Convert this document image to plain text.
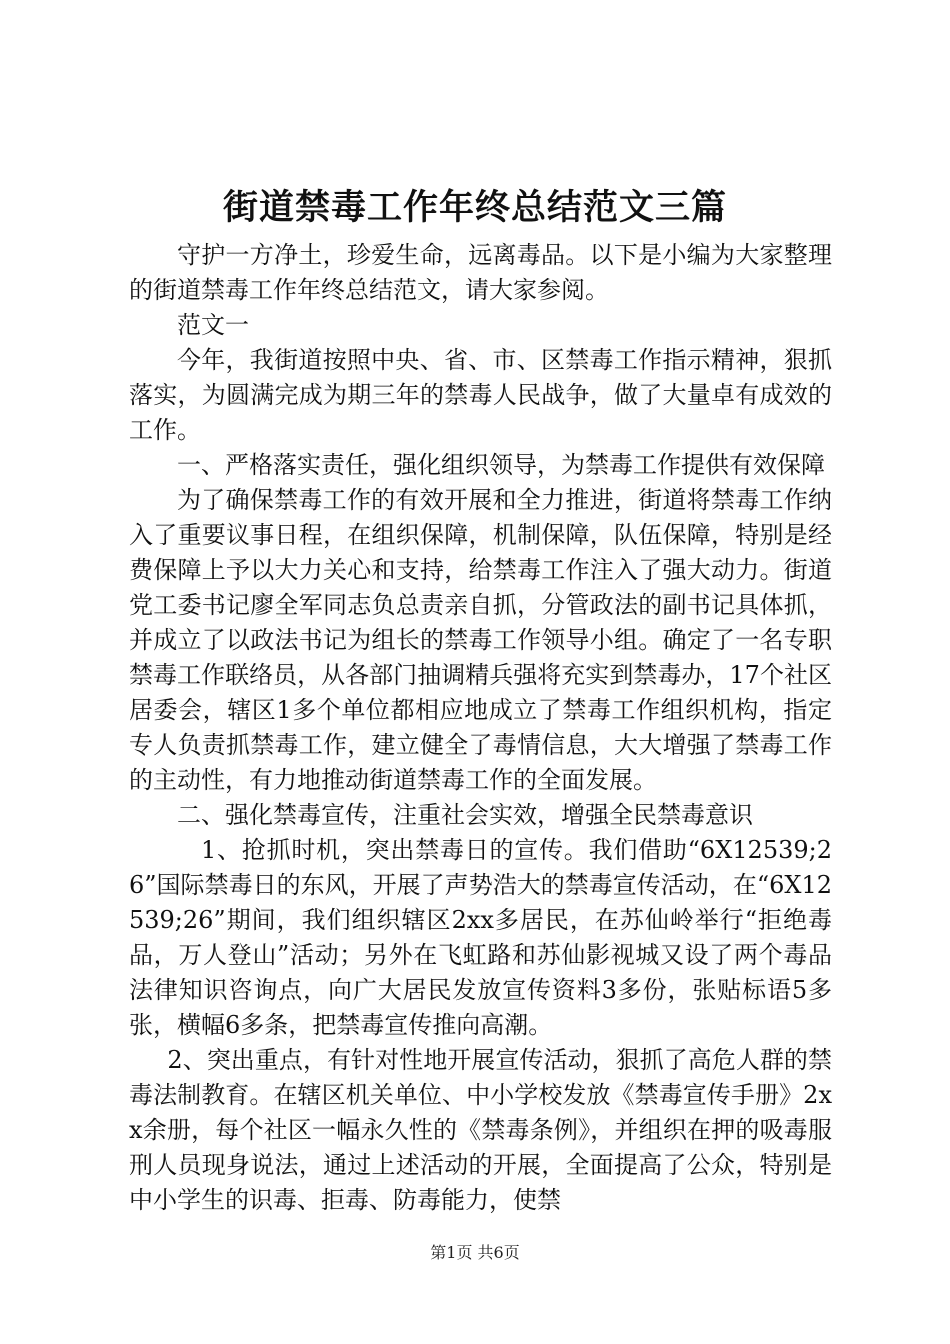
街道禁毒工作年终总结范文三篇

守护一方净土，珍爱生命，远离毒品。以下是小编为大家整理的街道禁毒工作年终总结范文，请大家参阅。

范文一

今年，我街道按照中央、省、市、区禁毒工作指示精神，狠抓落实，为圆满完成为期三年的禁毒人民战争，做了大量卓有成效的工作。

一、严格落实责任，强化组织领导，为禁毒工作提供有效保障

为了确保禁毒工作的有效开展和全力推进，街道将禁毒工作纳入了重要议事日程，在组织保障，机制保障，队伍保障，特别是经费保障上予以大力关心和支持，给禁毒工作注入了强大动力。街道党工委书记廖全军同志负总责亲自抓，分管政法的副书记具体抓，并成立了以政法书记为组长的禁毒工作领导小组。确定了一名专职禁毒工作联络员，从各部门抽调精兵强将充实到禁毒办，17个社区居委会，辖区1多个单位都相应地成立了禁毒工作组织机构，指定专人负责抓禁毒工作，建立健全了毒情信息，大大增强了禁毒工作的主动性，有力地推动街道禁毒工作的全面发展。

二、强化禁毒宣传，注重社会实效，增强全民禁毒意识

1、抢抓时机，突出禁毒日的宣传。我们借助“6X12539;26”国际禁毒日的东风，开展了声势浩大的禁毒宣传活动，在“6X12539;26”期间，我们组织辖区2xx多居民，在苏仙岭举行“拒绝毒品，万人登山”活动；另外在飞虹路和苏仙影视城又设了两个毒品法律知识咨询点，向广大居民发放宣传资料3多份，张贴标语5多张，横幅6多条，把禁毒宣传推向高潮。

2、突出重点，有针对性地开展宣传活动，狠抓了高危人群的禁毒法制教育。在辖区机关单位、中小学校发放《禁毒宣传手册》2xx余册，每个社区一幅永久性的《禁毒条例》，并组织在押的吸毒服刑人员现身说法，通过上述活动的开展，全面提高了公众，特别是中小学生的识毒、拒毒、防毒能力，使禁

第1页 共6页
